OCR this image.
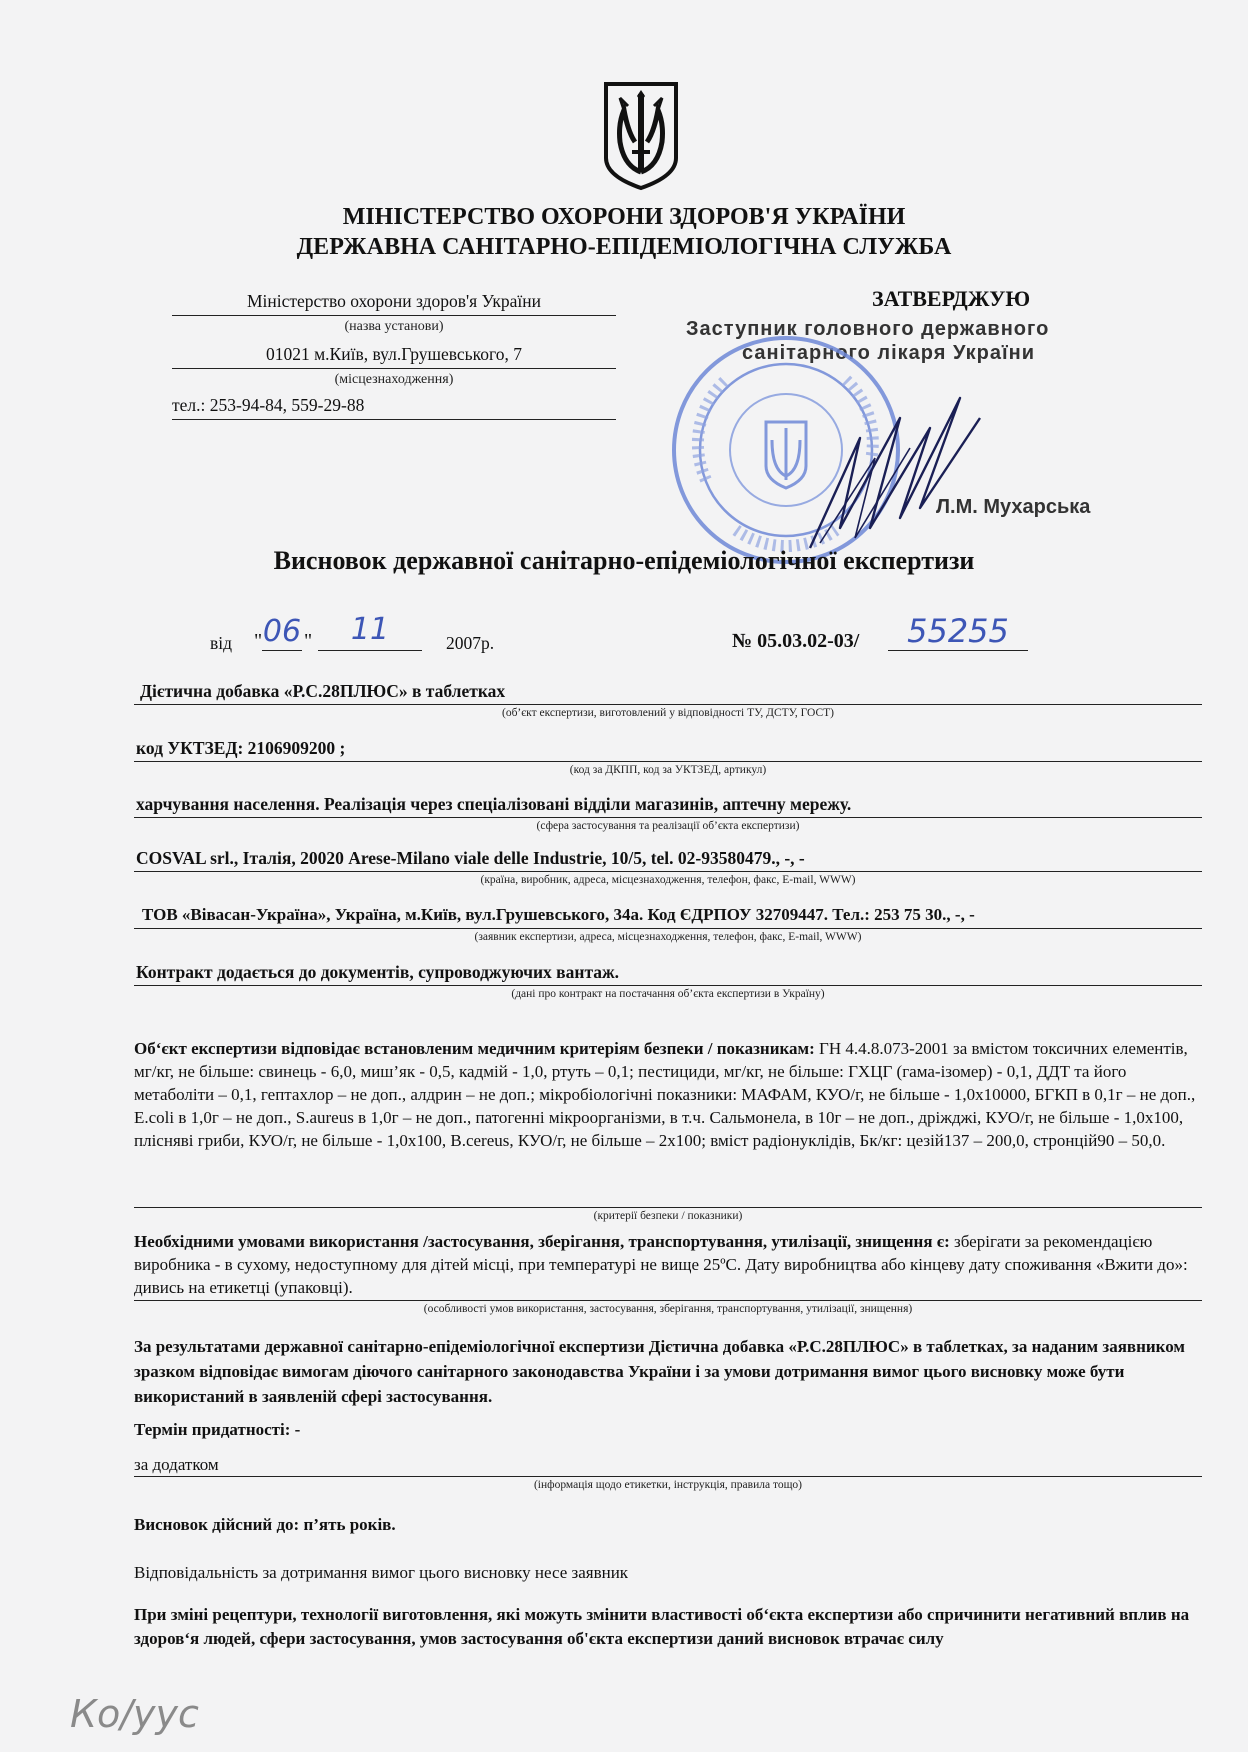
МІНІСТЕРСТВО ОХОРОНИ ЗДОРОВ'Я УКРАЇНИ
ДЕРЖАВНА САНІТАРНО-ЕПІДЕМІОЛОГІЧНА СЛУЖБА
Міністерство охорони здоров'я України
(назва установи)
01021 м.Київ, вул.Грушевського, 7
(місцезнаходження)
тел.: 253-94-84, 559-29-88
ЗАТВЕРДЖУЮ
Заступник головного державного
санітарного лікаря України
Л.М. Мухарська
Висновок державної санітарно-епідеміологічної експертизи
від " 06 "	11	2007р.	№ 05.03.02-03/	55255
Дієтична добавка «Р.С.28ПЛЮС» в таблетках
(об’єкт експертизи, виготовлений у відповідності ТУ, ДСТУ, ГОСТ)
код УКТЗЕД: 2106909200 ;
(код за ДКПП, код за УКТЗЕД, артикул)
харчування населення. Реалізація через спеціалізовані відділи магазинів, аптечну мережу.
(сфера застосування та реалізації об’єкта експертизи)
COSVAL srl., Італія, 20020 Arese-Milano viale delle Industrie, 10/5, tel. 02-93580479., -, -
(країна, виробник, адреса, місцезнаходження, телефон, факс, E-mail, WWW)
ТОВ «Вівасан-Україна», Україна, м.Київ, вул.Грушевського, 34а. Код ЄДРПОУ 32709447. Тел.: 253 75 30., -, -
(заявник експертизи, адреса, місцезнаходження, телефон, факс, E-mail, WWW)
Контракт додається до документів, супроводжуючих вантаж.
(дані про контракт на постачання об’єкта експертизи в Україну)
Об‘єкт експертизи відповідає встановленим медичним критеріям безпеки / показникам: ГН 4.4.8.073-2001 за вмістом токсичних елементів, мг/кг, не більше: свинець - 6,0, миш’як - 0,5, кадмій - 1,0, ртуть – 0,1; пестициди, мг/кг, не більше: ГХЦГ (гама-ізомер) - 0,1, ДДТ та його метаболіти – 0,1, гептахлор – не доп., алдрин – не доп.; мікробіологічні показники: МАФАМ, КУО/г, не більше - 1,0х10000, БГКП в 0,1г – не доп., E.coli в 1,0г – не доп., S.aureus в 1,0г – не доп., патогенні мікроорганізми, в т.ч. Сальмонела, в 10г – не доп., дріжджі, КУО/г, не більше - 1,0х100, плісняві гриби, КУО/г, не більше - 1,0х100, B.cereus, КУО/г, не більше – 2х100; вміст радіонуклідів, Бк/кг: цезій137 – 200,0, стронцій90 – 50,0.
(критерії безпеки / показники)
Необхідними умовами використання /застосування, зберігання, транспортування, утилізації, знищення є: зберігати за рекомендацією виробника - в сухому, недоступному для дітей місці, при температурі не вище 25ºС. Дату виробництва або кінцеву дату споживання «Вжити до»: дивись на етикетці (упаковці).
(особливості умов використання, застосування, зберігання, транспортування, утилізації, знищення)
За результатами державної санітарно-епідеміологічної експертизи Дієтична добавка «Р.С.28ПЛЮС» в таблетках, за наданим заявником зразком відповідає вимогам діючого санітарного законодавства України і за умови дотримання вимог цього висновку може бути використаний в заявленій сфері застосування.
Термін придатності: -
за додатком
(інформація щодо етикетки, інструкція, правила тощо)
Висновок дійсний до: п’ять років.
Відповідальність за дотримання вимог цього висновку несе заявник
При зміні рецептури, технології виготовлення, які можуть змінити властивості об‘єкта експертизи або спричинити негативний вплив на здоров‘я людей, сфери застосування, умов застосування об'єкта експертизи даний висновок втрачає силу
Ко/уус
